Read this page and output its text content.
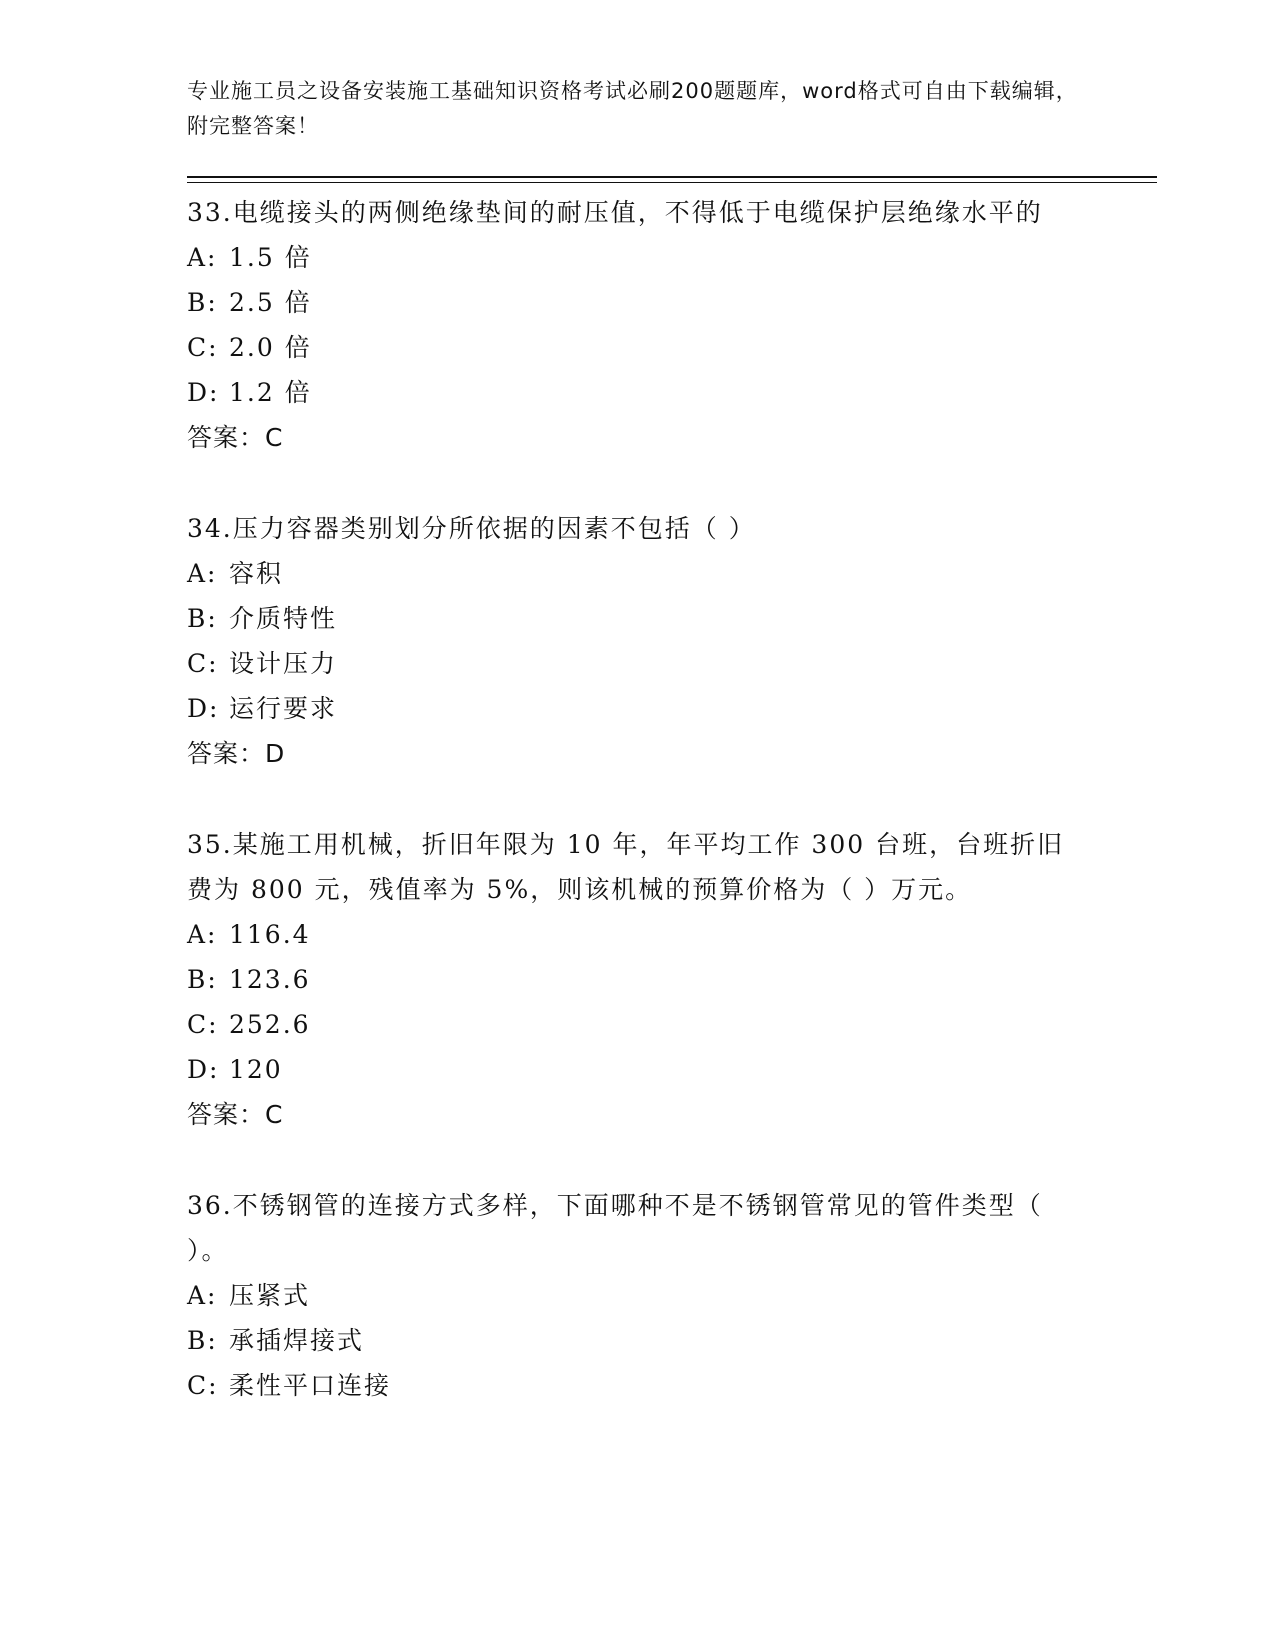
专业施工员之设备安装施工基础知识资格考试必刷200题题库，word格式可自由下载编辑，附完整答案！

33.电缆接头的两侧绝缘垫间的耐压值，不得低于电缆保护层绝缘水平的

A: 1.5 倍

B: 2.5 倍

C: 2.0 倍

D: 1.2 倍

答案：C

34.压力容器类别划分所依据的因素不包括（ ）

A: 容积

B: 介质特性

C: 设计压力

D: 运行要求

答案：D

35.某施工用机械，折旧年限为 10 年，年平均工作 300 台班，台班折旧费为 800 元，残值率为 5%，则该机械的预算价格为（ ）万元。

A: 116.4

B: 123.6

C: 252.6

D: 120

答案：C

36.不锈钢管的连接方式多样，下面哪种不是不锈钢管常见的管件类型（ ）。

A: 压紧式

B: 承插焊接式

C: 柔性平口连接
